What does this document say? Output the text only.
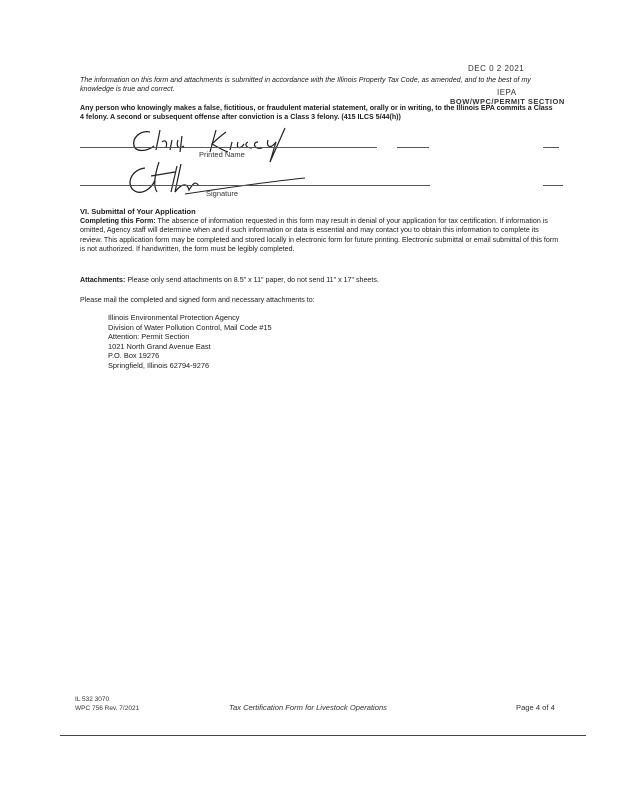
DEC 0 2 2021
IEPA
BOW/WPC/PERMIT SECTION
The information on this form and attachments is submitted in accordance with the Illinois Property Tax Code, as amended, and to the best of my knowledge is true and correct.
Any person who knowingly makes a false, fictitious, or fraudulent material statement, orally or in writing, to the Illinois EPA commits a Class 4 felony. A second or subsequent offense after conviction is a Class 3 felony. (415 ILCS 5/44(h))
Printed Name
Signature
VI. Submittal of Your Application
Completing this Form: The absence of information requested in this form may result in denial of your application for tax certification. If information is omitted, Agency staff will determine when and if such information or data is essential and may contact you to obtain this information to complete its review. This application form may be completed and stored locally in electronic form for future printing. Electronic submittal or email submittal of this form is not authorized. If handwritten, the form must be legibly completed.
Attachments: Please only send attachments on 8.5" x 11" paper, do not send 11" x 17" sheets.
Please mail the completed and signed form and necessary attachments to:
Illinois Environmental Protection Agency
Division of Water Pollution Control, Mail Code #15
Attention: Permit Section
1021 North Grand Avenue East
P.O. Box 19276
Springfield, Illinois 62794-9276
IL 532 3070
WPC 756 Rev. 7/2021	Tax Certification Form for Livestock Operations	Page 4 of 4
